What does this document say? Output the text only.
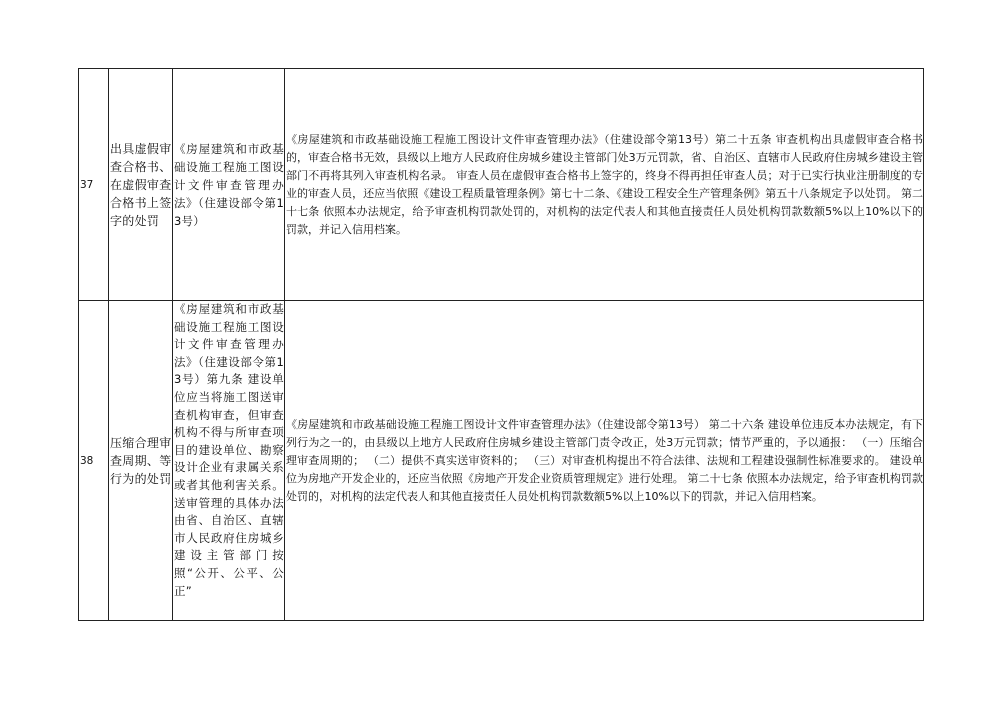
37	出具虚假审查合格书、在虚假审查合格书上签字的处罚	《房屋建筑和市政基础设施工程施工图设计文件审查管理办法》（住建设部令第13号）	《房屋建筑和市政基础设施工程施工图设计文件审查管理办法》（住建设部令第13号）第二十五条 审查机构出具虚假审查合格书的，审查合格书无效，县级以上地方人民政府住房城乡建设主管部门处3万元罚款，省、自治区、直辖市人民政府住房城乡建设主管部门不再将其列入审查机构名录。 审查人员在虚假审查合格书上签字的，终身不得再担任审查人员；对于已实行执业注册制度的专业的审查人员，还应当依照《建设工程质量管理条例》第七十二条、《建设工程安全生产管理条例》第五十八条规定予以处罚。 第二十七条 依照本办法规定，给予审查机构罚款处罚的，对机构的法定代表人和其他直接责任人员处机构罚款数额5%以上10%以下的罚款，并记入信用档案。
38	压缩合理审查周期、等行为的处罚	《房屋建筑和市政基础设施工程施工图设计文件审查管理办法》（住建设部令第13号）第九条 建设单位应当将施工图送审查机构审查，但审查机构不得与所审查项目的建设单位、勘察设计企业有隶属关系或者其他利害关系。送审管理的具体办法由省、自治区、直辖市人民政府住房城乡建设主管部门按照“公开、公平、公正”	《房屋建筑和市政基础设施工程施工图设计文件审查管理办法》（住建设部令第13号） 第二十六条 建设单位违反本办法规定，有下列行为之一的，由县级以上地方人民政府住房城乡建设主管部门责令改正，处3万元罚款；情节严重的，予以通报： （一）压缩合理审查周期的； （二）提供不真实送审资料的； （三）对审查机构提出不符合法律、法规和工程建设强制性标准要求的。 建设单位为房地产开发企业的，还应当依照《房地产开发企业资质管理规定》进行处理。 第二十七条 依照本办法规定，给予审查机构罚款处罚的，对机构的法定代表人和其他直接责任人员处机构罚款数额5%以上10%以下的罚款，并记入信用档案。
